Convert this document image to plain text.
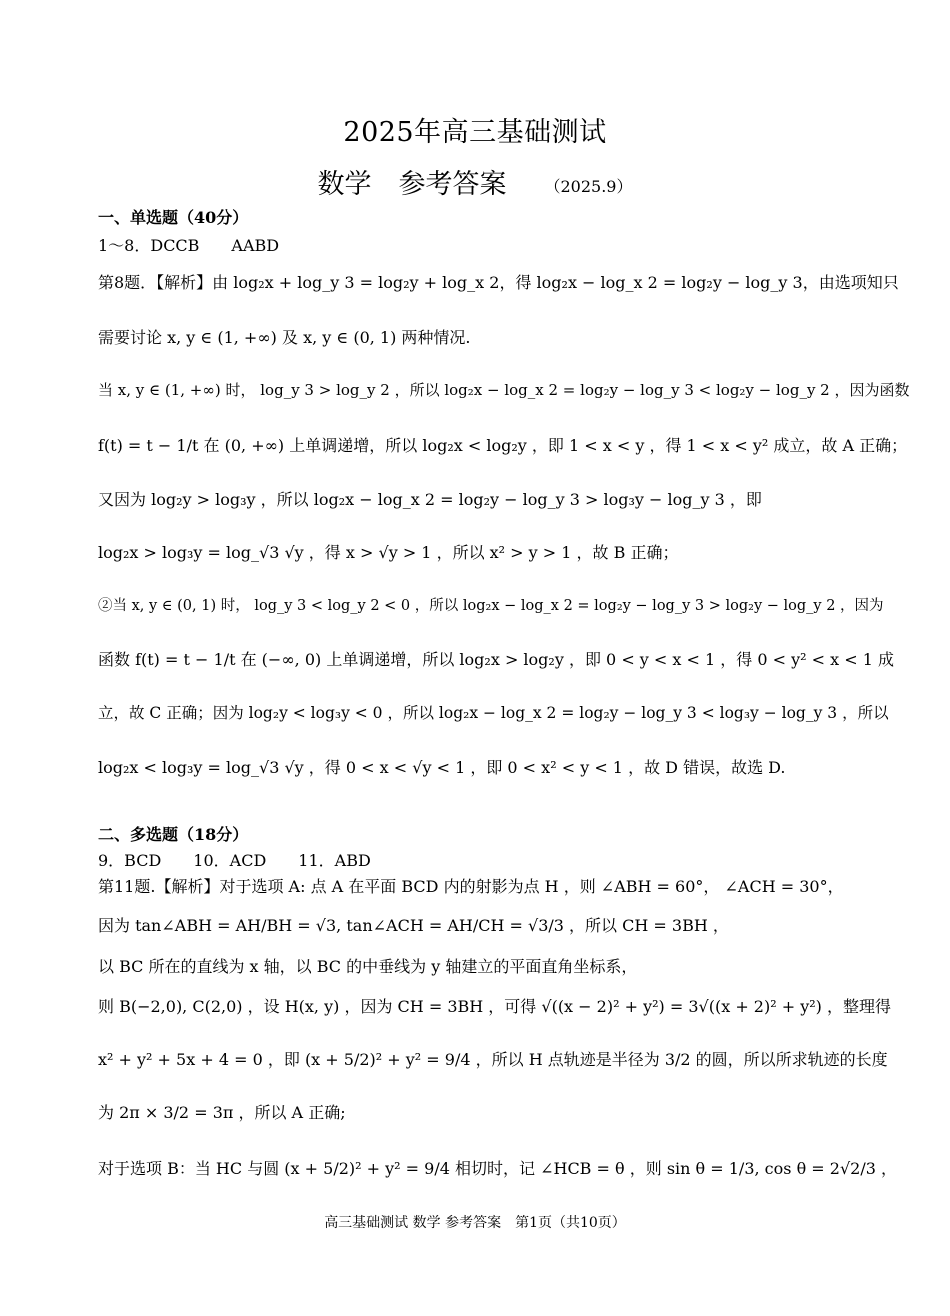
2025年高三基础测试
数学　参考答案 （2025.9）
一、单选题（40分）
1～8．DCCB　　AABD
第8题．【解析】由 log₂x + log_y 3 = log₂y + log_x 2，得 log₂x − log_x 2 = log₂y − log_y 3，由选项知只
需要讨论 x, y ∈ (1, +∞) 及 x, y ∈ (0, 1) 两种情况.
当 x, y ∈ (1, +∞) 时， log_y 3 > log_y 2 ，所以 log₂x − log_x 2 = log₂y − log_y 3 < log₂y − log_y 2 ，因为函数
f(t) = t − 1/t 在 (0, +∞) 上单调递增，所以 log₂x < log₂y ，即 1 < x < y ，得 1 < x < y² 成立，故 A 正确；
又因为 log₂y > log₃y ，所以 log₂x − log_x 2 = log₂y − log_y 3 > log₃y − log_y 3 ，即
log₂x > log₃y = log_√3 √y ，得 x > √y > 1 ，所以 x² > y > 1 ，故 B 正确；
②当 x, y ∈ (0, 1) 时， log_y 3 < log_y 2 < 0 ，所以 log₂x − log_x 2 = log₂y − log_y 3 > log₂y − log_y 2 ，因为
函数 f(t) = t − 1/t 在 (−∞, 0) 上单调递增，所以 log₂x > log₂y ，即 0 < y < x < 1 ，得 0 < y² < x < 1 成
立，故 C 正确；因为 log₂y < log₃y < 0 ，所以 log₂x − log_x 2 = log₂y − log_y 3 < log₃y − log_y 3 ，所以
log₂x < log₃y = log_√3 √y ，得 0 < x < √y < 1 ，即 0 < x² < y < 1 ，故 D 错误，故选 D.
二、多选题（18分）
9．BCD　　10．ACD　　11．ABD
第11题.【解析】对于选项 A: 点 A 在平面 BCD 内的射影为点 H ，则 ∠ABH = 60°， ∠ACH = 30°，
因为 tan∠ABH = AH/BH = √3, tan∠ACH = AH/CH = √3/3 ，所以 CH = 3BH ，
以 BC 所在的直线为 x 轴，以 BC 的中垂线为 y 轴建立的平面直角坐标系，
则 B(−2,0), C(2,0) ，设 H(x, y) ，因为 CH = 3BH ，可得 √((x − 2)² + y²) = 3√((x + 2)² + y²) ，整理得
x² + y² + 5x + 4 = 0 ，即 (x + 5/2)² + y² = 9/4 ，所以 H 点轨迹是半径为 3/2 的圆，所以所求轨迹的长度
为 2π × 3/2 = 3π ，所以 A 正确;
对于选项 B：当 HC 与圆 (x + 5/2)² + y² = 9/4 相切时，记 ∠HCB = θ ，则 sin θ = 1/3, cos θ = 2√2/3 ，
高三基础测试 数学 参考答案　第1页（共10页）
